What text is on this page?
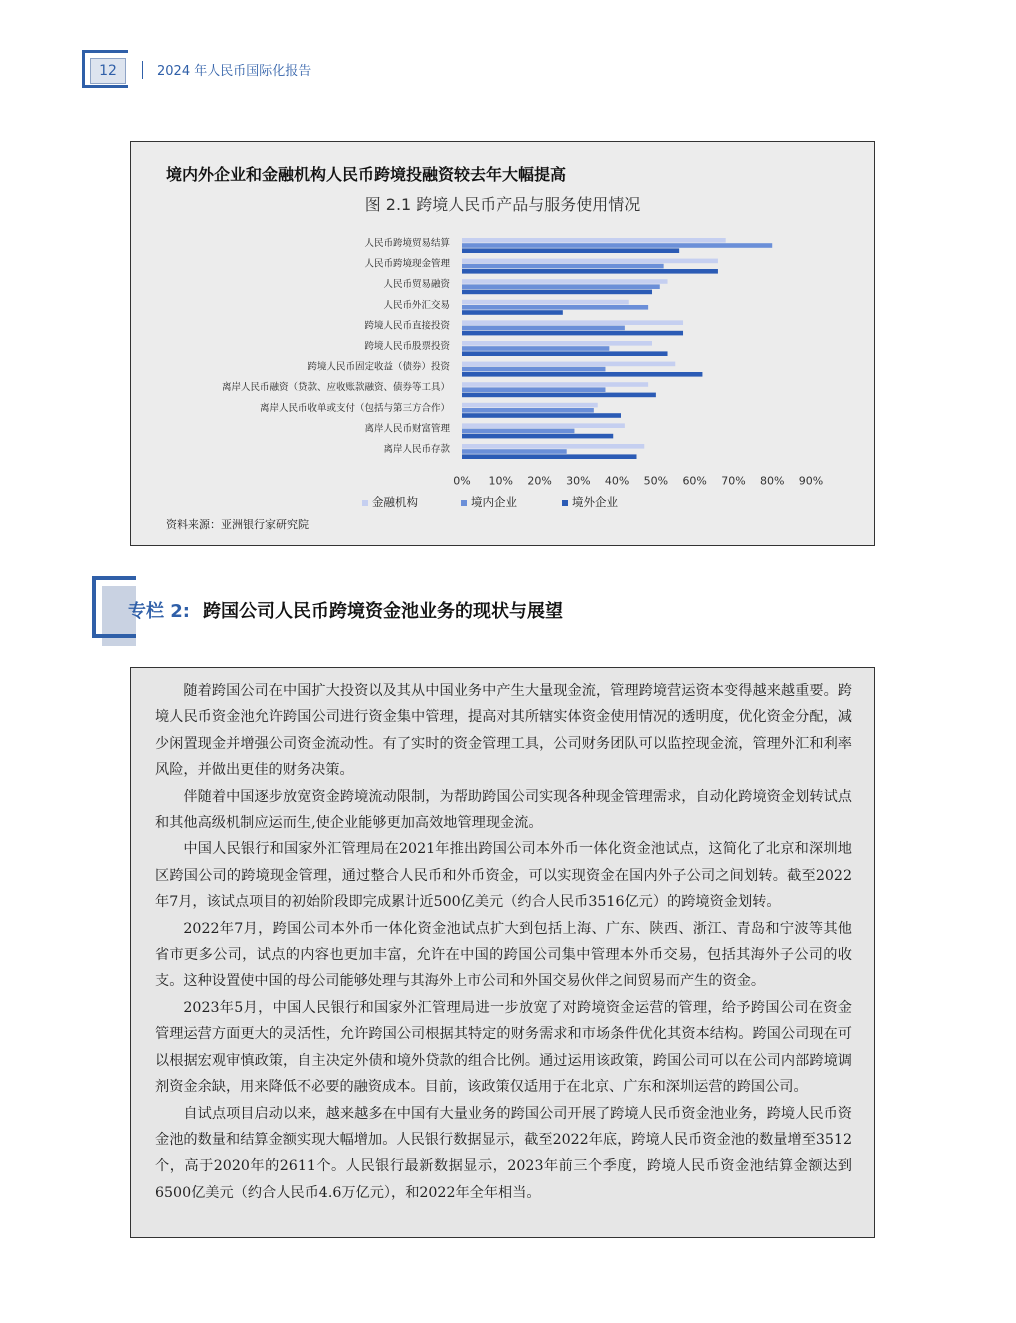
12	2024 年人民币国际化报告
境内外企业和金融机构人民币跨境投融资较去年大幅提高
图 2.1 跨境人民币产品与服务使用情况
人民币跨境贸易结算
人民币跨境现金管理
人民币贸易融资
人民币外汇交易
跨境人民币直接投资
跨境人民币股票投资
跨境人民币固定收益（债券）投资
离岸人民币融资（贷款、应收账款融资、债券等工具）
离岸人民币收单或支付（包括与第三方合作）
离岸人民币财富管理
离岸人民币存款
0% 10% 20% 30% 40% 50% 60% 70% 80% 90%
金融机构	境内企业	境外企业
资料来源：亚洲银行家研究院
专栏 2: 跨国公司人民币跨境资金池业务的现状与展望

随着跨国公司在中国扩大投资以及其从中国业务中产生大量现金流，管理跨境营运资本变得越来越重要。跨境人民币资金池允许跨国公司进行资金集中管理，提高对其所辖实体资金使用情况的透明度，优化资金分配，减少闲置现金并增强公司资金流动性。有了实时的资金管理工具，公司财务团队可以监控现金流，管理外汇和利率风险，并做出更佳的财务决策。

伴随着中国逐步放宽资金跨境流动限制，为帮助跨国公司实现各种现金管理需求，自动化跨境资金划转试点和其他高级机制应运而生,使企业能够更加高效地管理现金流。

中国人民银行和国家外汇管理局在2021年推出跨国公司本外币一体化资金池试点，这简化了北京和深圳地区跨国公司的跨境现金管理，通过整合人民币和外币资金，可以实现资金在国内外子公司之间划转。截至2022年7月，该试点项目的初始阶段即完成累计近500亿美元（约合人民币3516亿元）的跨境资金划转。

2022年7月，跨国公司本外币一体化资金池试点扩大到包括上海、广东、陕西、浙江、青岛和宁波等其他省市更多公司，试点的内容也更加丰富，允许在中国的跨国公司集中管理本外币交易，包括其海外子公司的收支。这种设置使中国的母公司能够处理与其海外上市公司和外国交易伙伴之间贸易而产生的资金。

2023年5月，中国人民银行和国家外汇管理局进一步放宽了对跨境资金运营的管理，给予跨国公司在资金管理运营方面更大的灵活性，允许跨国公司根据其特定的财务需求和市场条件优化其资本结构。跨国公司现在可以根据宏观审慎政策，自主决定外债和境外贷款的组合比例。通过运用该政策，跨国公司可以在公司内部跨境调剂资金余缺，用来降低不必要的融资成本。目前，该政策仅适用于在北京、广东和深圳运营的跨国公司。

自试点项目启动以来，越来越多在中国有大量业务的跨国公司开展了跨境人民币资金池业务，跨境人民币资金池的数量和结算金额实现大幅增加。人民银行数据显示，截至2022年底，跨境人民币资金池的数量增至3512个，高于2020年的2611个。人民银行最新数据显示，2023年前三个季度，跨境人民币资金池结算金额达到6500亿美元（约合人民币4.6万亿元），和2022年全年相当。
